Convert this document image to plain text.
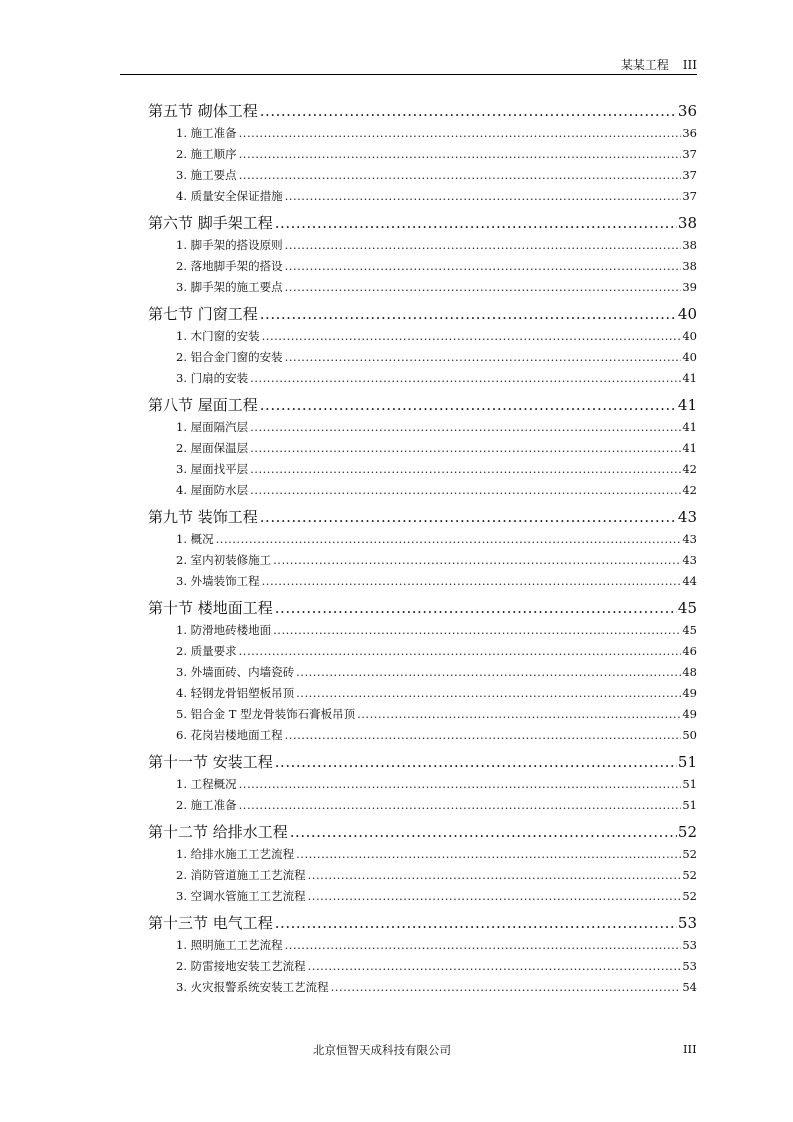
某某工程 III
第五节 砌体工程 .....	36
1. 施工准备 .....	36
2. 施工顺序 .....	37
3. 施工要点 .....	37
4. 质量安全保证措施 .....	37
第六节 脚手架工程 .....	38
1. 脚手架的搭设原则 .....	38
2. 落地脚手架的搭设 .....	38
3. 脚手架的施工要点 .....	39
第七节 门窗工程 .....	40
1. 木门窗的安装 .....	40
2. 铝合金门窗的安装 .....	40
3. 门扇的安装 .....	41
第八节 屋面工程 .....	41
1. 屋面隔汽层 .....	41
2. 屋面保温层 .....	41
3. 屋面找平层 .....	42
4. 屋面防水层 .....	42
第九节 装饰工程 .....	43
1. 概况 .....	43
2. 室内初装修施工 .....	43
3. 外墙装饰工程 .....	44
第十节 楼地面工程 .....	45
1. 防滑地砖楼地面 .....	45
2. 质量要求 .....	46
3. 外墙面砖、内墙瓷砖 .....	48
4. 轻钢龙骨铝塑板吊顶 .....	49
5. 铝合金 T 型龙骨装饰石膏板吊顶 .....	49
6. 花岗岩楼地面工程 .....	50
第十一节 安装工程 .....	51
1. 工程概况 .....	51
2. 施工准备 .....	51
第十二节 给排水工程 .....	52
1. 给排水施工工艺流程 .....	52
2. 消防管道施工工艺流程 .....	52
3. 空调水管施工工艺流程 .....	52
第十三节 电气工程 .....	53
1. 照明施工工艺流程 .....	53
2. 防雷接地安装工艺流程 .....	53
3. 火灾报警系统安装工艺流程 .....	54
北京恒智天成科技有限公司	III
